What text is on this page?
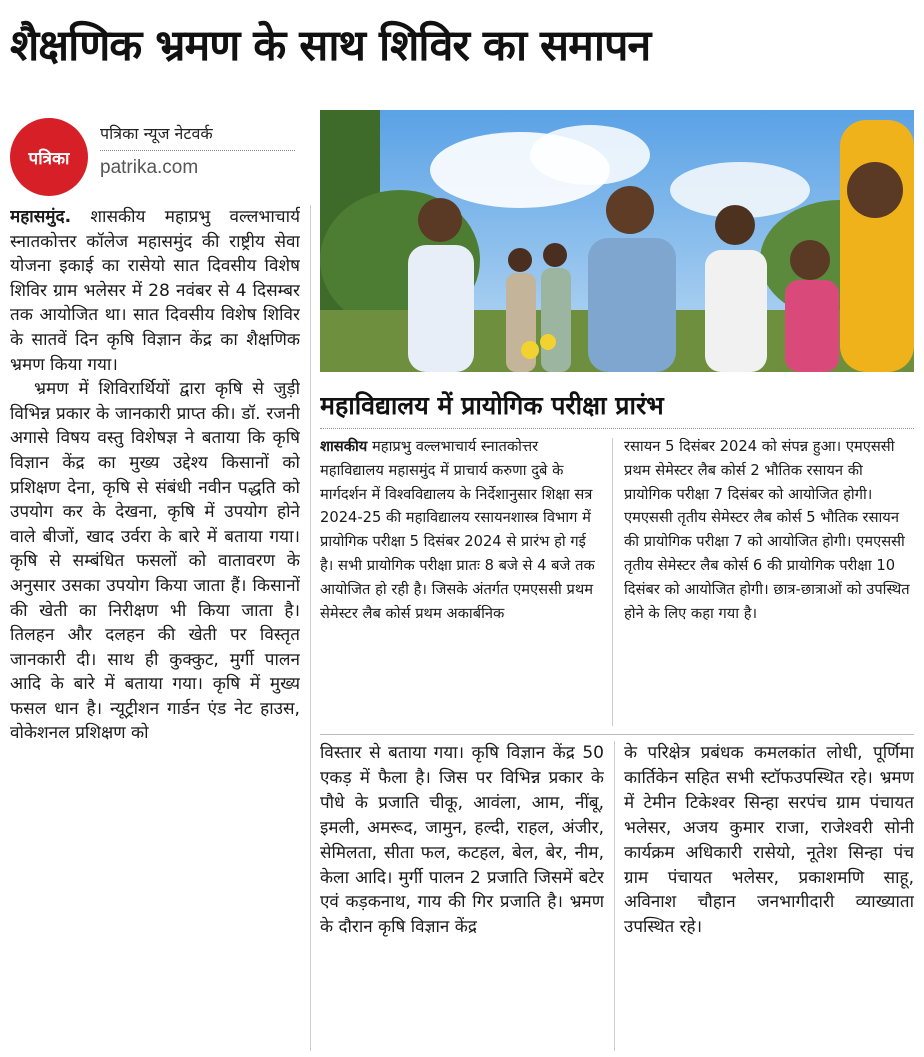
शैक्षणिक भ्रमण के साथ शिविर का समापन
पत्रिका
पत्रिका न्यूज नेटवर्क
patrika.com

महासमुंद. शासकीय महाप्रभु वल्लभाचार्य स्नातकोत्तर कॉलेज महासमुंद की राष्ट्रीय सेवा योजना इकाई का रासेयो सात दिवसीय विशेष शिविर ग्राम भलेसर में 28 नवंबर से 4 दिसम्बर तक आयोजित था। सात दिवसीय विशेष शिविर के सातवें दिन कृषि विज्ञान केंद्र का शैक्षणिक भ्रमण किया गया।

भ्रमण में शिविरार्थियों द्वारा कृषि से जुड़ी विभिन्न प्रकार के जानकारी प्राप्त की। डॉ. रजनी अगासे विषय वस्तु विशेषज्ञ ने बताया कि कृषि विज्ञान केंद्र का मुख्य उद्देश्य किसानों को प्रशिक्षण देना, कृषि से संबंधी नवीन पद्धति को उपयोग कर के देखना, कृषि में उपयोग होने वाले बीजों, खाद उर्वरा के बारे में बताया गया। कृषि से सम्बंधित फसलों को वातावरण के अनुसार उसका उपयोग किया जाता हैं। किसानों की खेती का निरीक्षण भी किया जाता है। तिलहन और दलहन की खेती पर विस्तृत जानकारी दी। साथ ही कुक्कुट, मुर्गी पालन आदि के बारे में बताया गया। कृषि में मुख्य फसल धान है। न्यूट्रीशन गार्डन एंड नेट हाउस, वोकेशनल प्रशिक्षण को

महाविद्यालय में प्रायोगिक परीक्षा प्रारंभ

शासकीय महाप्रभु वल्लभाचार्य स्नातकोत्तर महाविद्यालय महासमुंद में प्राचार्य करुणा दुबे के मार्गदर्शन में विश्वविद्यालय के निर्देशानुसार शिक्षा सत्र 2024-25 की महाविद्यालय रसायनशास्त्र विभाग में प्रायोगिक परीक्षा 5 दिसंबर 2024 से प्रारंभ हो गई है। सभी प्रायोगिक परीक्षा प्रातः 8 बजे से 4 बजे तक आयोजित हो रही है। जिसके अंतर्गत एमएससी प्रथम सेमेस्टर लैब कोर्स प्रथम अकार्बनिक

रसायन 5 दिसंबर 2024 को संपन्न हुआ। एमएससी प्रथम सेमेस्टर लैब कोर्स 2 भौतिक रसायन की प्रायोगिक परीक्षा 7 दिसंबर को आयोजित होगी। एमएससी तृतीय सेमेस्टर लैब कोर्स 5 भौतिक रसायन की प्रायोगिक परीक्षा 7 को आयोजित होगी। एमएससी तृतीय सेमेस्टर लैब कोर्स 6 की प्रायोगिक परीक्षा 10 दिसंबर को आयोजित होगी। छात्र-छात्राओं को उपस्थित होने के लिए कहा गया है।

विस्तार से बताया गया। कृषि विज्ञान केंद्र 50 एकड़ में फैला है। जिस पर विभिन्न प्रकार के पौधे के प्रजाति चीकू, आवंला, आम, नींबू, इमली, अमरूद, जामुन, हल्दी, राहल, अंजीर, सेमिलता, सीता फल, कटहल, बेल, बेर, नीम, केला आदि। मुर्गी पालन 2 प्रजाति जिसमें बटेर एवं कड़कनाथ, गाय की गिर प्रजाति है। भ्रमण के दौरान कृषि विज्ञान केंद्र

के परिक्षेत्र प्रबंधक कमलकांत लोधी, पूर्णिमा कार्तिकेन सहित सभी स्टॉफउपस्थित रहे। भ्रमण में टेमीन टिकेश्वर सिन्हा सरपंच ग्राम पंचायत भलेसर, अजय कुमार राजा, राजेश्वरी सोनी कार्यक्रम अधिकारी रासेयो, नूतेश सिन्हा पंच ग्राम पंचायत भलेसर, प्रकाशमणि साहू, अविनाश चौहान जनभागीदारी व्याख्याता उपस्थित रहे।
